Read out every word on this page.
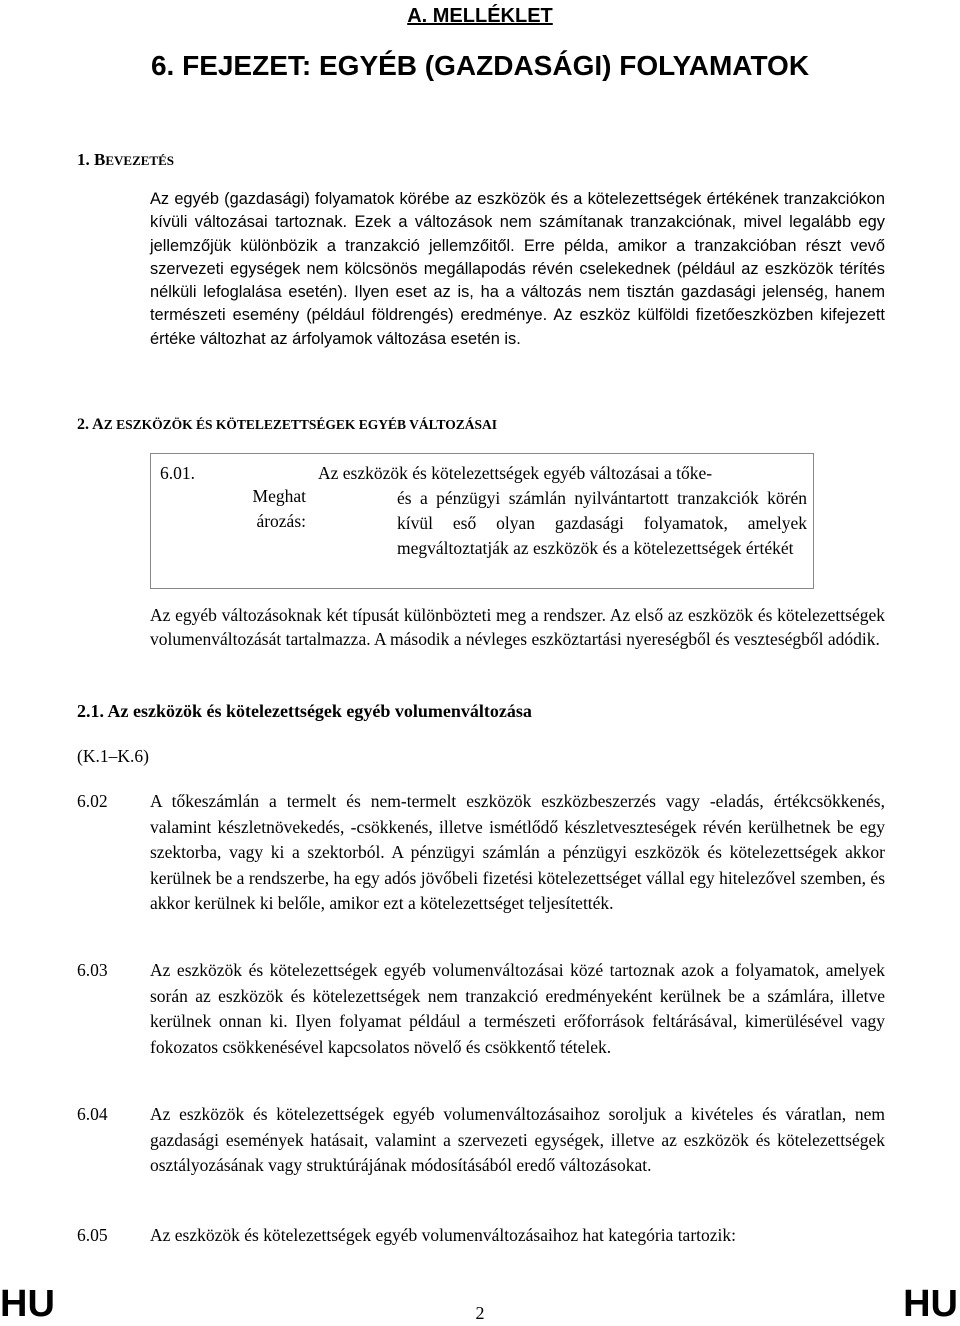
A. MELLÉKLET
6. FEJEZET: EGYÉB (GAZDASÁGI) FOLYAMATOK
1. BEVEZETÉS
Az egyéb (gazdasági) folyamatok körébe az eszközök és a kötelezettségek értékének tranzakciókon kívüli változásai tartoznak. Ezek a változások nem számítanak tranzakciónak, mivel legalább egy jellemzőjük különbözik a tranzakció jellemzőitől. Erre példa, amikor a tranzakcióban részt vevő szervezeti egységek nem kölcsönös megállapodás révén cselekednek (például az eszközök térítés nélküli lefoglalása esetén). Ilyen eset az is, ha a változás nem tisztán gazdasági jelenség, hanem természeti esemény (például földrengés) eredménye. Az eszköz külföldi fizetőeszközben kifejezett értéke változhat az árfolyamok változása esetén is.
2. AZ ESZKÖZÖK ÉS KÖTELEZETTSÉGEK EGYÉB VÁLTOZÁSAI
6.01.
Meghat ározás:
Az eszközök és kötelezettségek egyéb változásai a tőke-
és a pénzügyi számlán nyilvántartott tranzakciók körén kívül eső olyan gazdasági folyamatok, amelyek megváltoztatják az eszközök és a kötelezettségek értékét
Az egyéb változásoknak két típusát különbözteti meg a rendszer. Az első az eszközök és kötelezettségek volumenváltozását tartalmazza. A második a névleges eszköztartási nyereségből és veszteségből adódik.
2.1. Az eszközök és kötelezettségek egyéb volumenváltozása
(K.1–K.6)
6.02 A tőkeszámlán a termelt és nem-termelt eszközök eszközbeszerzés vagy -eladás, értékcsökkenés, valamint készletnövekedés, -csökkenés, illetve ismétlődő készletveszteségek révén kerülhetnek be egy szektorba, vagy ki a szektorból. A pénzügyi számlán a pénzügyi eszközök és kötelezettségek akkor kerülnek be a rendszerbe, ha egy adós jövőbeli fizetési kötelezettséget vállal egy hitelezővel szemben, és akkor kerülnek ki belőle, amikor ezt a kötelezettséget teljesítették.
6.03 Az eszközök és kötelezettségek egyéb volumenváltozásai közé tartoznak azok a folyamatok, amelyek során az eszközök és kötelezettségek nem tranzakció eredményeként kerülnek be a számlára, illetve kerülnek onnan ki. Ilyen folyamat például a természeti erőforrások feltárásával, kimerülésével vagy fokozatos csökkenésével kapcsolatos növelő és csökkentő tételek.
6.04 Az eszközök és kötelezettségek egyéb volumenváltozásaihoz soroljuk a kivételes és váratlan, nem gazdasági események hatásait, valamint a szervezeti egységek, illetve az eszközök és kötelezettségek osztályozásának vagy struktúrájának módosításából eredő változásokat.
6.05 Az eszközök és kötelezettségek egyéb volumenváltozásaihoz hat kategória tartozik:
HU	2	HU
